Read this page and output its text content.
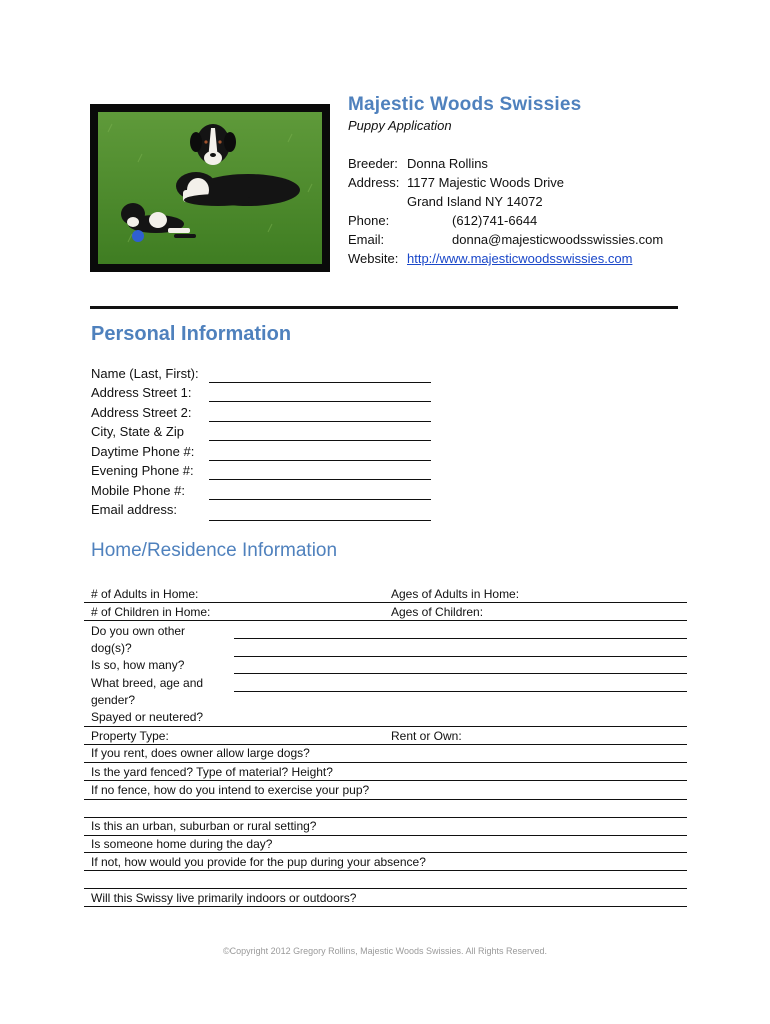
Majestic Woods Swissies
Puppy Application
Breeder: Donna Rollins
Address: 1177 Majestic Woods Drive
Grand Island NY 14072
Phone:	(612)741-6644
Email:	donna@majesticwoodsswissies.com
Website: http://www.majesticwoodsswissies.com
Personal Information
Name (Last, First):
Address Street 1:
Address Street 2:
City, State & Zip
Daytime Phone #:
Evening Phone #:
Mobile Phone #:
Email address:
Home/Residence Information
# of Adults in Home:	Ages of Adults in Home:
# of Children in Home:	Ages of Children:
Do you own other
dog(s)?
Is so, how many?
What breed, age and
gender?
Spayed or neutered?
Property Type:	Rent or Own:
If you rent, does owner allow large dogs?
Is the yard fenced? Type of material? Height?
If no fence, how do you intend to exercise your pup?
Is this an urban, suburban or rural setting?
Is someone home during the day?
If not, how would you provide for the pup during your absence?
Will this Swissy live primarily indoors or outdoors?
©Copyright 2012 Gregory Rollins, Majestic Woods Swissies. All Rights Reserved.
